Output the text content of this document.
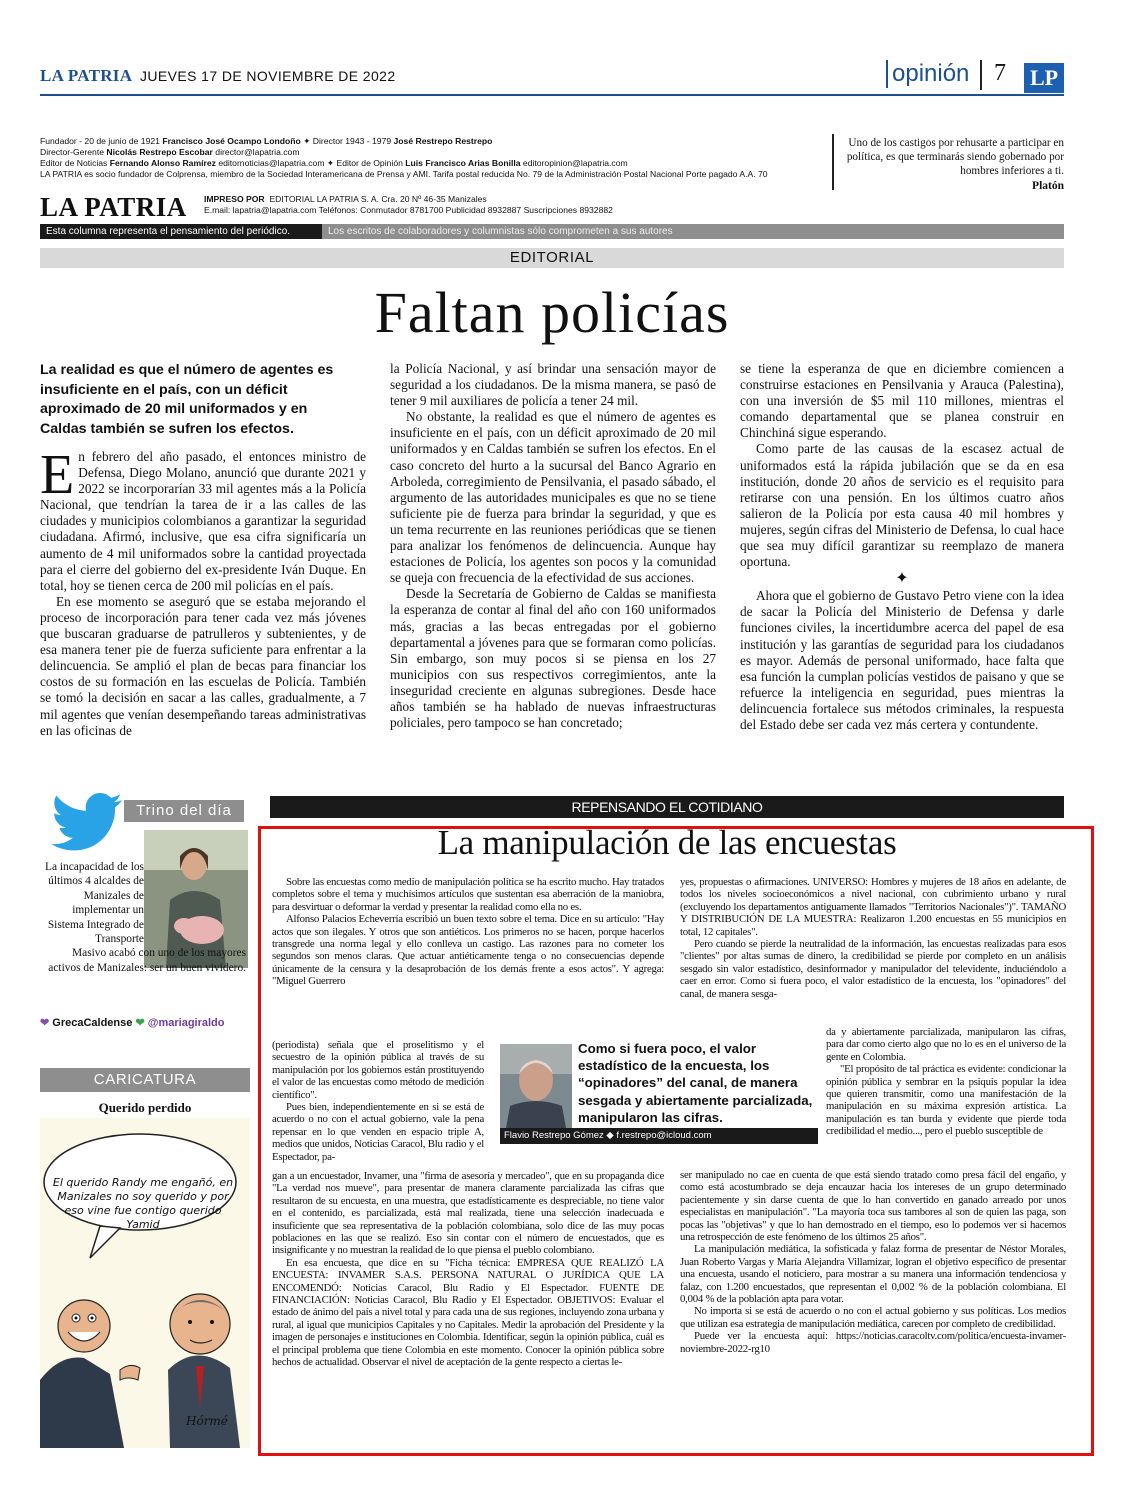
LA PATRIA JUEVES 17 DE NOVIEMBRE DE 2022	opinión	7 LP
Fundador - 20 de junio de 1921 Francisco José Ocampo Londoño ✦ Director 1943 - 1979 José Restrepo Restrepo
Director-Gerente Nicolás Restrepo Escobar director@lapatria.com
Editor de Noticias Fernando Alonso Ramírez editornoticias@lapatria.com ✦ Editor de Opinión Luis Francisco Arias Bonilla editoropinion@lapatria.com
LA PATRIA es socio fundador de Colprensa, miembro de la Sociedad Interamericana de Prensa y AMI. Tarifa postal reducida No. 79 de la Administración Postal Nacional Porte pagado A.A. 70
Uno de los castigos por rehusarte a participar en política, es que terminarás siendo gobernado por hombres inferiores a ti.
Platón
LA PATRIA IMPRESO POR EDITORIAL LA PATRIA S. A. Cra. 20 Nº 46-35 Manizales
E.mail: lapatria@lapatria.com Teléfonos: Conmutador 8781700 Publicidad 8932887 Suscripciones 8932882
Esta columna representa el pensamiento del periódico.	Los escritos de colaboradores y columnistas sólo comprometen a sus autores
EDITORIAL
Faltan policías
La realidad es que el número de agentes es insuficiente en el país, con un déficit aproximado de 20 mil uniformados y en Caldas también se sufren los efectos.

En febrero del año pasado, el entonces ministro de Defensa, Diego Molano, anunció que durante 2021 y 2022 se incorporarían 33 mil agentes más a la Policía Nacional, que tendrían la tarea de ir a las calles de las ciudades y municipios colombianos a garantizar la seguridad ciudadana. Afirmó, inclusive, que esa cifra significaría un aumento de 4 mil uniformados sobre la cantidad proyectada para el cierre del gobierno del ex-presidente Iván Duque. En total, hoy se tienen cerca de 200 mil policías en el país.

En ese momento se aseguró que se estaba mejorando el proceso de incorporación para tener cada vez más jóvenes que buscaran graduarse de patrulleros y subtenientes, y de esa manera tener pie de fuerza suficiente para enfrentar a la delincuencia. Se amplió el plan de becas para financiar los costos de su formación en las escuelas de Policía. También se tomó la decisión en sacar a las calles, gradualmente, a 7 mil agentes que venían desempeñando tareas administrativas en las oficinas de

la Policía Nacional, y así brindar una sensación mayor de seguridad a los ciudadanos. De la misma manera, se pasó de tener 9 mil auxiliares de policía a tener 24 mil.

No obstante, la realidad es que el número de agentes es insuficiente en el país, con un déficit aproximado de 20 mil uniformados y en Caldas también se sufren los efectos. En el caso concreto del hurto a la sucursal del Banco Agrario en Arboleda, corregimiento de Pensilvania, el pasado sábado, el argumento de las autoridades municipales es que no se tiene suficiente pie de fuerza para brindar la seguridad, y que es un tema recurrente en las reuniones periódicas que se tienen para analizar los fenómenos de delincuencia. Aunque hay estaciones de Policía, los agentes son pocos y la comunidad se queja con frecuencia de la efectividad de sus acciones.

Desde la Secretaría de Gobierno de Caldas se manifiesta la esperanza de contar al final del año con 160 uniformados más, gracias a las becas entregadas por el gobierno departamental a jóvenes para que se formaran como policías. Sin embargo, son muy pocos si se piensa en los 27 municipios con sus respectivos corregimientos, ante la inseguridad creciente en algunas subregiones. Desde hace años también se ha hablado de nuevas infraestructuras policiales, pero tampoco se han concretado;

se tiene la esperanza de que en diciembre comiencen a construirse estaciones en Pensilvania y Arauca (Palestina), con una inversión de $5 mil 110 millones, mientras el comando departamental que se planea construir en Chinchiná sigue esperando.

Como parte de las causas de la escasez actual de uniformados está la rápida jubilación que se da en esa institución, donde 20 años de servicio es el requisito para retirarse con una pensión. En los últimos cuatro años salieron de la Policía por esta causa 40 mil hombres y mujeres, según cifras del Ministerio de Defensa, lo cual hace que sea muy difícil garantizar su reemplazo de manera oportuna.

✦

Ahora que el gobierno de Gustavo Petro viene con la idea de sacar la Policía del Ministerio de Defensa y darle funciones civiles, la incertidumbre acerca del papel de esa institución y las garantías de seguridad para los ciudadanos es mayor. Además de personal uniformado, hace falta que esa función la cumplan policías vestidos de paisano y que se refuerce la inteligencia en seguridad, pues mientras la delincuencia fortalece sus métodos criminales, la respuesta del Estado debe ser cada vez más certera y contundente.

Trino del día
La incapacidad de los últimos 4 alcaldes de Manizales de implementar un Sistema Integrado de Transporte
Masivo acabó con uno de los mayores activos de Manizales: ser un buen vividero.
❤ GrecaCaldense ❤ @mariagiraldo
CARICATURA
Querido perdido
El querido Randy me engañó, en Manizales no soy querido y por eso vine fue contigo querido Yamid
Hórmé
REPENSANDO EL COTIDIANO
La manipulación de las encuestas

Sobre las encuestas como medio de manipulación política se ha escrito mucho. Hay tratados completos sobre el tema y muchísimos artículos que sustentan esa aberración de la maniobra, para desvirtuar o deformar la verdad y presentar la realidad como ella no es.

Alfonso Palacios Echeverría escribió un buen texto sobre el tema. Dice en su artículo: "Hay actos que son ilegales. Y otros que son antiéticos. Los primeros no se hacen, porque hacerlos transgrede una norma legal y ello conlleva un castigo. Las razones para no cometer los segundos son menos claras. Que actuar antiéticamente tenga o no consecuencias depende únicamente de la censura y la desaprobación de los demás frente a esos actos". Y agrega: "Miguel Guerrero

(periodista) señala que el proselitismo y el secuestro de la opinión pública al través de su manipulación por los gobiernos están prostituyendo el valor de las encuestas como método de medición científico".

Pues bien, independientemente en si se está de acuerdo o no con el actual gobierno, vale la pena repensar en lo que venden en espacio triple A, medios que unidos, Noticias Caracol, Blu radio y el Espectador, pa-

gan a un encuestador, Invamer, una "firma de asesoría y mercadeo", que en su propaganda dice "La verdad nos mueve", para presentar de manera claramente parcializada las cifras que resultaron de su encuesta, en una muestra, que estadísticamente es despreciable, no tiene valor en el contenido, es parcializada, está mal realizada, tiene una selección inadecuada e insuficiente que sea representativa de la población colombiana, solo dice de las muy pocas poblaciones en las que se realizó. Eso sin contar con el número de encuestados, que es insignificante y no muestran la realidad de lo que piensa el pueblo colombiano.

En esa encuesta, que dice en su "Ficha técnica: EMPRESA QUE REALIZÓ LA ENCUESTA: INVAMER S.A.S. PERSONA NATURAL O JURÍDICA QUE LA ENCOMENDÓ: Noticias Caracol, Blu Radio y El Espectador. FUENTE DE FINANCIACIÓN: Noticias Caracol, Blu Radio y El Espectador. OBJETIVOS: Evaluar el estado de ánimo del país a nivel total y para cada una de sus regiones, incluyendo zona urbana y rural, al igual que municipios Capitales y no Capitales. Medir la aprobación del Presidente y la imagen de personajes e instituciones en Colombia. Identificar, según la opinión pública, cuál es el principal problema que tiene Colombia en este momento. Conocer la opinión pública sobre hechos de actualidad. Observar el nivel de aceptación de la gente respecto a ciertas le-

yes, propuestas o afirmaciones. UNIVERSO: Hombres y mujeres de 18 años en adelante, de todos los niveles socioeconómicos a nivel nacional, con cubrimiento urbano y rural (excluyendo los departamentos antiguamente llamados "Territorios Nacionales")". TAMAÑO Y DISTRIBUCIÓN DE LA MUESTRA: Realizaron 1.200 encuestas en 55 municipios en total, 12 capitales".

Pero cuando se pierde la neutralidad de la información, las encuestas realizadas para esos "clientes" por altas sumas de dinero, la credibilidad se pierde por completo en un análisis sesgado sin valor estadístico, desinformador y manipulador del televidente, induciéndolo a caer en error. Como si fuera poco, el valor estadístico de la encuesta, los "opinadores" del canal, de manera sesga-

da y abiertamente parcializada, manipularon las cifras, para dar como cierto algo que no lo es en el universo de la gente en Colombia.

"El propósito de tal práctica es evidente: condicionar la opinión pública y sembrar en la psiquis popular la idea que quieren transmitir, como una manifestación de la manipulación en su máxima expresión artística. La manipulación es tan burda y evidente que pierde toda credibilidad el medio..., pero el pueblo susceptible de

ser manipulado no cae en cuenta de que está siendo tratado como presa fácil del engaño, y como está acostumbrado se deja encauzar hacia los intereses de un grupo determinado pacientemente y sin darse cuenta de que lo han convertido en ganado arreado por unos especialistas en manipulación". "La mayoría toca sus tambores al son de quien las paga, son pocas las "objetivas" y que lo han demostrado en el tiempo, eso lo podemos ver si hacemos una retrospección de este fenómeno de los últimos 25 años".

La manipulación mediática, la sofisticada y falaz forma de presentar de Néstor Morales, Juan Roberto Vargas y María Alejandra Villamizar, logran el objetivo específico de presentar una encuesta, usando el noticiero, para mostrar a su manera una información tendenciosa y falaz, con 1.200 encuestados, que representan el 0,002 % de la población colombiana. El 0,004 % de la población apta para votar.

No importa si se está de acuerdo o no con el actual gobierno y sus políticas. Los medios que utilizan esa estrategia de manipulación mediática, carecen por completo de credibilidad.

Puede ver la encuesta aquí: https://noticias.caracoltv.com/politica/encuesta-invamer-noviembre-2022-rg10

Como si fuera poco, el valor estadístico de la encuesta, los “opinadores” del canal, de manera sesgada y abiertamente parcializada, manipularon las cifras.
Flavio Restrepo Gómez ◆ f.restrepo@icloud.com
